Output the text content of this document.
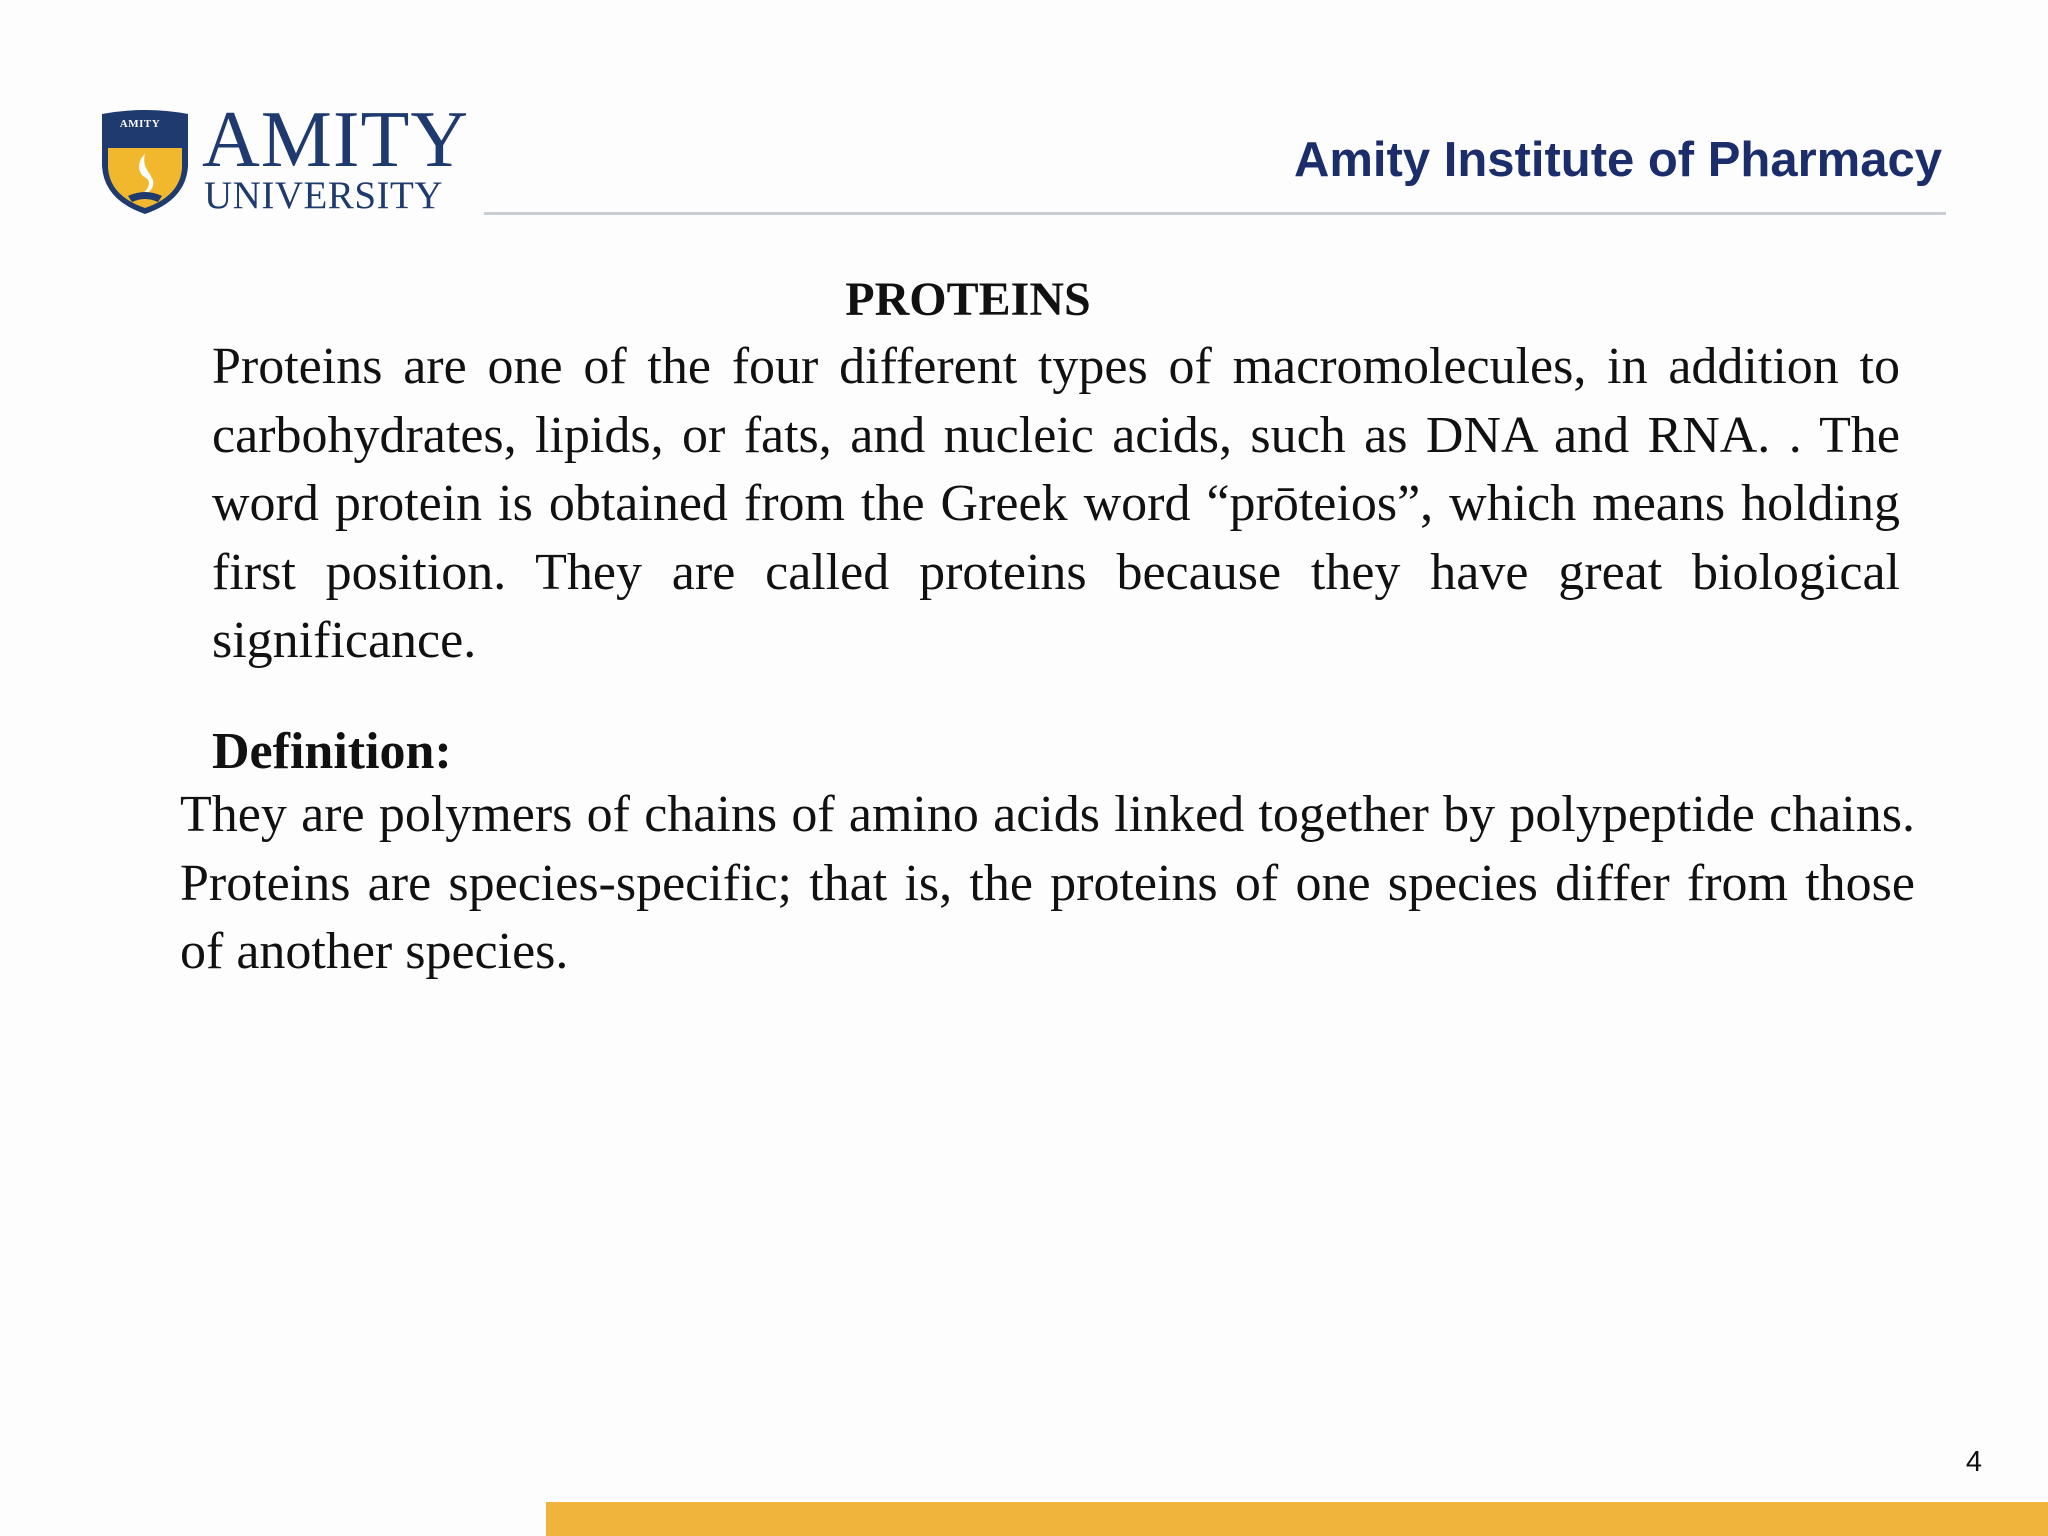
AMITY AMITY
UNIVERSITY
Amity Institute of Pharmacy
PROTEINS

Proteins are one of the four different types of macromolecules, in addition to carbohydrates, lipids, or fats, and nucleic acids, such as DNA and RNA. . The word protein is obtained from the Greek word “prōteios”, which means holding first position. They are called proteins because they have great biological significance.

Definition:

They are polymers of chains of amino acids linked together by polypeptide chains. Proteins are species-specific; that is, the proteins of one species differ from those of another species.

4
